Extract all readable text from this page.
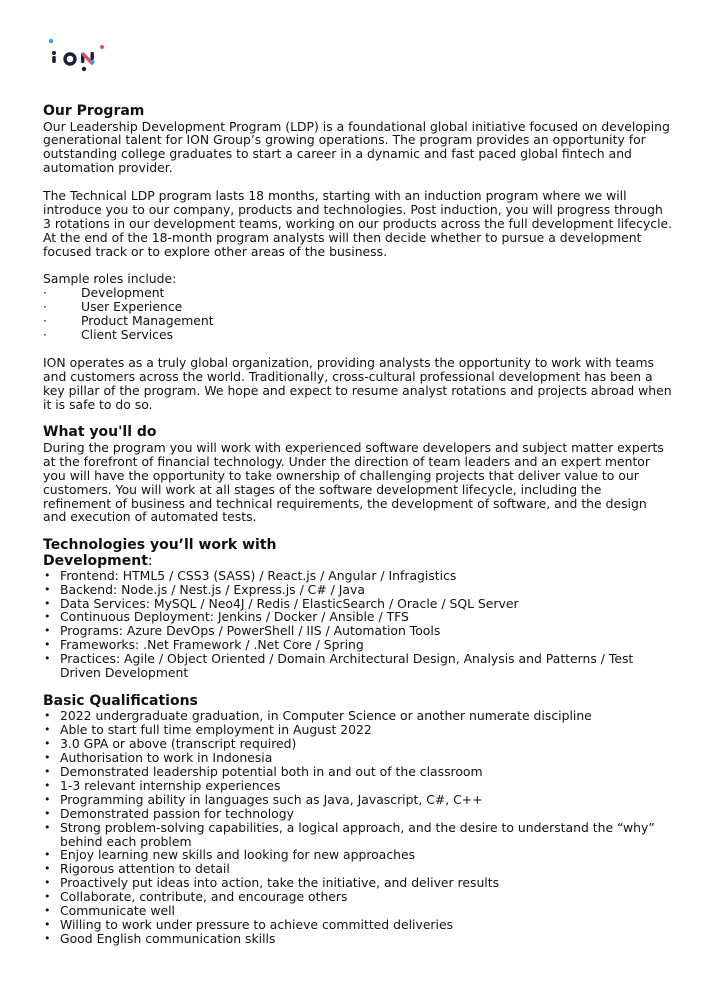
Our Program

Our Leadership Development Program (LDP) is a foundational global initiative focused on developing generational talent for ION Group’s growing operations. The program provides an opportunity for outstanding college graduates to start a career in a dynamic and fast paced global fintech and automation provider.

The Technical LDP program lasts 18 months, starting with an induction program where we will introduce you to our company, products and technologies. Post induction, you will progress through 3 rotations in our development teams, working on our products across the full development lifecycle. At the end of the 18-month program analysts will then decide whether to pursue a development focused track or to explore other areas of the business.

Sample roles include:

·	Development
·	User Experience
·	Product Management
·	Client Services

ION operates as a truly global organization, providing analysts the opportunity to work with teams and customers across the world. Traditionally, cross-cultural professional development has been a key pillar of the program. We hope and expect to resume analyst rotations and projects abroad when it is safe to do so.

What you'll do

During the program you will work with experienced software developers and subject matter experts at the forefront of financial technology. Under the direction of team leaders and an expert mentor you will have the opportunity to take ownership of challenging projects that deliver value to our customers. You will work at all stages of the software development lifecycle, including the refinement of business and technical requirements, the development of software, and the design and execution of automated tests.

Technologies you’ll work with
Development:
• Frontend: HTML5 / CSS3 (SASS) / React.js / Angular / Infragistics
• Backend: Node.js / Nest.js / Express.js / C# / Java
• Data Services: MySQL / Neo4J / Redis / ElasticSearch / Oracle / SQL Server
• Continuous Deployment: Jenkins / Docker / Ansible / TFS
• Programs: Azure DevOps / PowerShell / IIS / Automation Tools
• Frameworks: .Net Framework / .Net Core / Spring
• Practices: Agile / Object Oriented / Domain Architectural Design, Analysis and Patterns / Test Driven Development
Basic Qualifications
• 2022 undergraduate graduation, in Computer Science or another numerate discipline
• Able to start full time employment in August 2022
• 3.0 GPA or above (transcript required)
• Authorisation to work in Indonesia
• Demonstrated leadership potential both in and out of the classroom
• 1-3 relevant internship experiences
• Programming ability in languages such as Java, Javascript, C#, C++
• Demonstrated passion for technology
• Strong problem-solving capabilities, a logical approach, and the desire to understand the “why” behind each problem
• Enjoy learning new skills and looking for new approaches
• Rigorous attention to detail
• Proactively put ideas into action, take the initiative, and deliver results
• Collaborate, contribute, and encourage others
• Communicate well
• Willing to work under pressure to achieve committed deliveries
• Good English communication skills
